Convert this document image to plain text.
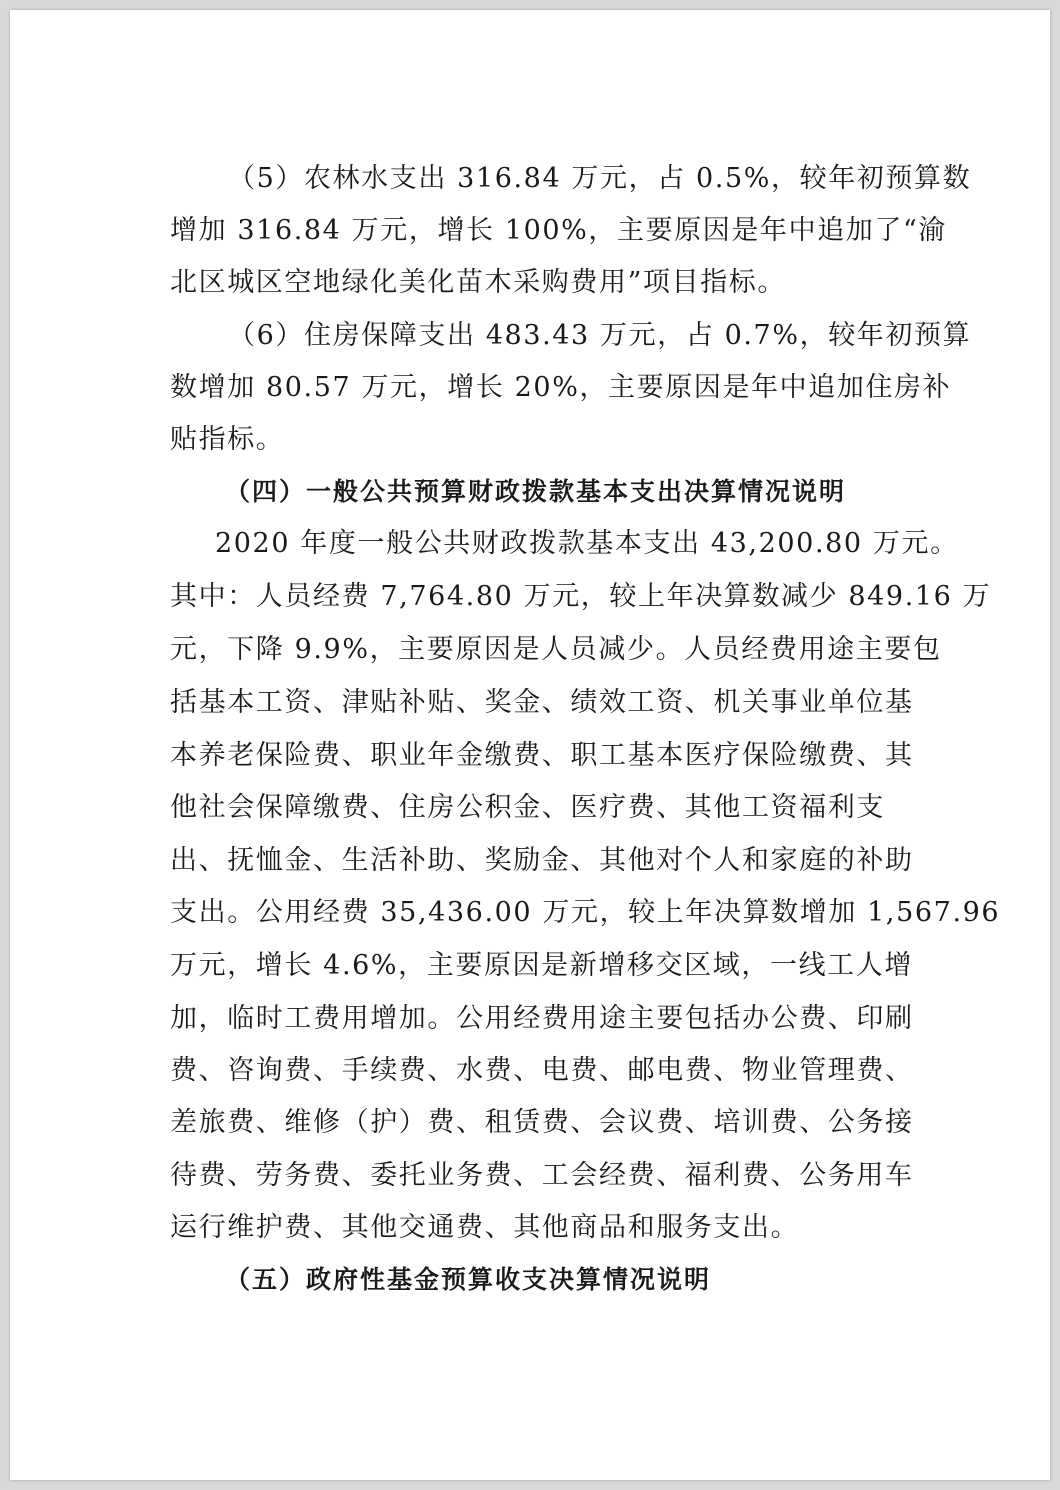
（5）农林水支出 316.84 万元，占 0.5%，较年初预算数

增加 316.84 万元，增长 100%，主要原因是年中追加了“渝

北区城区空地绿化美化苗木采购费用”项目指标。

（6）住房保障支出 483.43 万元，占 0.7%，较年初预算

数增加 80.57 万元，增长 20%，主要原因是年中追加住房补

贴指标。

（四）一般公共预算财政拨款基本支出决算情况说明

2020 年度一般公共财政拨款基本支出 43,200.80 万元。

其中：人员经费 7,764.80 万元，较上年决算数减少 849.16 万

元，下降 9.9%，主要原因是人员减少。人员经费用途主要包

括基本工资、津贴补贴、奖金、绩效工资、机关事业单位基

本养老保险费、职业年金缴费、职工基本医疗保险缴费、其

他社会保障缴费、住房公积金、医疗费、其他工资福利支

出、抚恤金、生活补助、奖励金、其他对个人和家庭的补助

支出。公用经费 35,436.00 万元，较上年决算数增加 1,567.96

万元，增长 4.6%，主要原因是新增移交区域，一线工人增

加，临时工费用增加。公用经费用途主要包括办公费、印刷

费、咨询费、手续费、水费、电费、邮电费、物业管理费、

差旅费、维修（护）费、租赁费、会议费、培训费、公务接

待费、劳务费、委托业务费、工会经费、福利费、公务用车

运行维护费、其他交通费、其他商品和服务支出。

（五）政府性基金预算收支决算情况说明
